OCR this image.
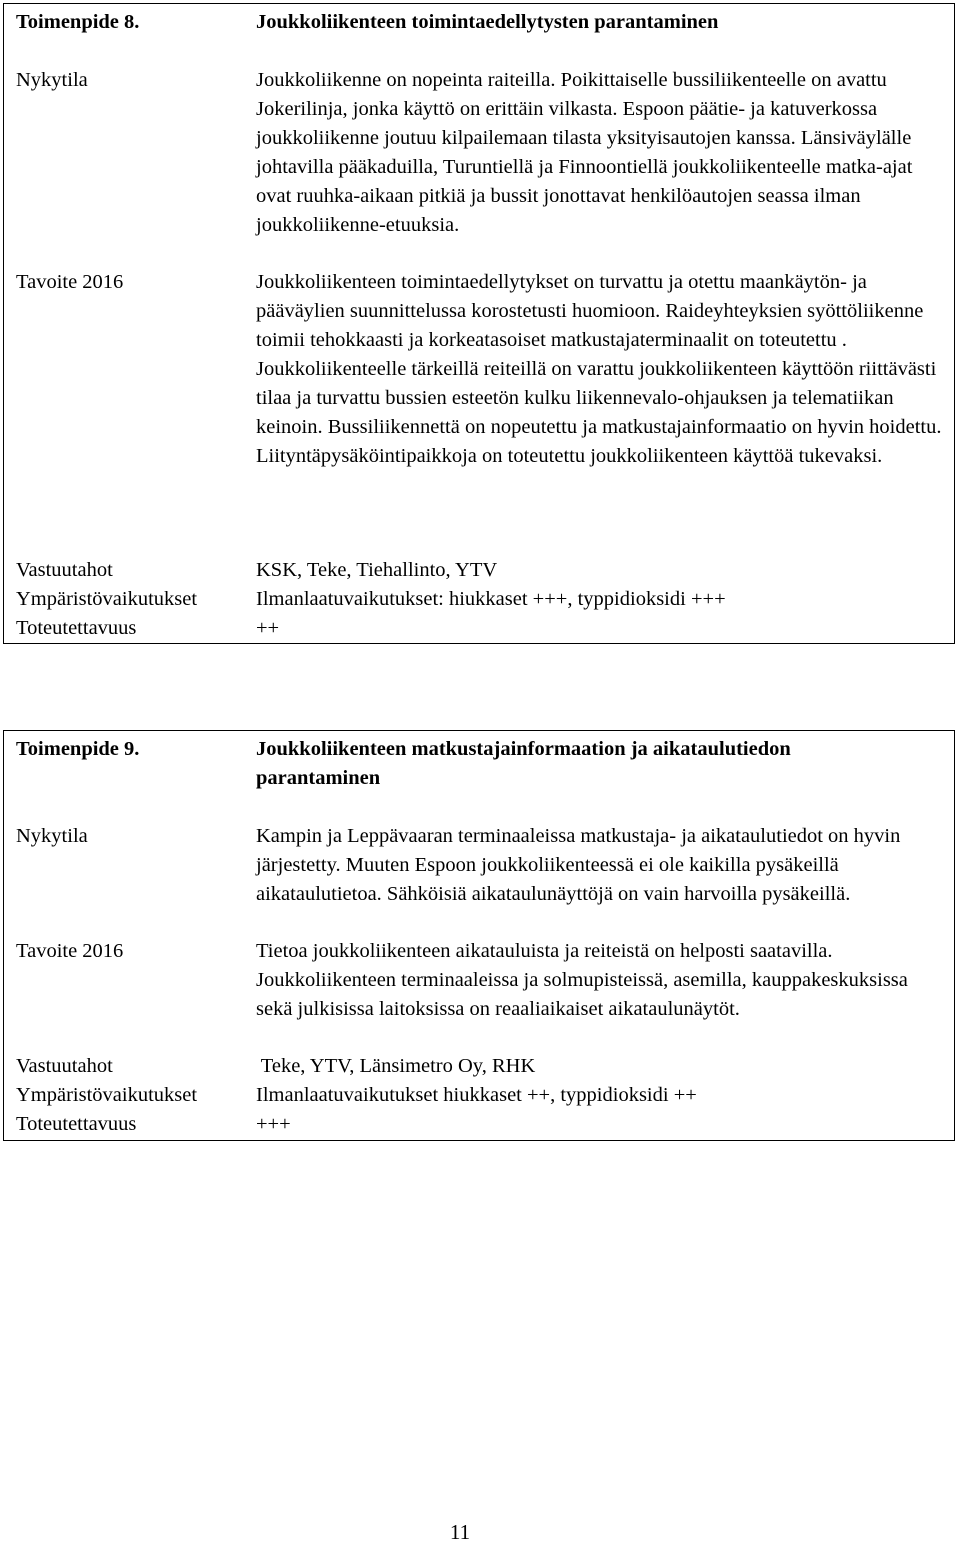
Toimenpide 8.	Joukkoliikenteen toimintaedellytysten parantaminen
Nykytila	Joukkoliikenne on nopeinta raiteilla. Poikittaiselle bussiliikenteelle on avattu Jokerilinja, jonka käyttö on erittäin vilkasta. Espoon päätie- ja katuverkossa joukkoliikenne joutuu kilpailemaan tilasta yksityisautojen kanssa. Länsiväylälle johtavilla pääkaduilla, Turuntiellä ja Finnoontiellä joukkoliikenteelle matka-ajat ovat ruuhka-aikaan pitkiä ja bussit jonottavat henkilöautojen seassa ilman joukkoliikenne-etuuksia.
Tavoite 2016	Joukkoliikenteen toimintaedellytykset on turvattu ja otettu maankäytön- ja pääväylien suunnittelussa korostetusti huomioon. Raideyhteyksien syöttöliikenne toimii tehokkaasti ja korkeatasoiset matkustajaterminaalit on toteutettu . Joukkoliikenteelle tärkeillä reiteillä on varattu joukkoliikenteen käyttöön riittävästi tilaa ja turvattu bussien esteetön kulku liikennevalo-ohjauksen ja telematiikan keinoin. Bussiliikennettä on nopeutettu ja matkustajainformaatio on hyvin hoidettu. Liityntäpysäköintipaikkoja on toteutettu joukkoliikenteen käyttöä tukevaksi.
Vastuutahot	KSK, Teke, Tiehallinto, YTV
Ympäristövaikutukset	Ilmanlaatuvaikutukset: hiukkaset +++, typpidioksidi +++
Toteutettavuus	++
Toimenpide 9.	Joukkoliikenteen matkustajainformaation ja aikataulutiedon parantaminen
Nykytila	Kampin ja Leppävaaran terminaaleissa matkustaja- ja aikataulutiedot on hyvin järjestetty. Muuten Espoon joukkoliikenteessä ei ole kaikilla pysäkeillä aikataulutietoa. Sähköisiä aikataulunäyttöjä on vain harvoilla pysäkeillä.
Tavoite 2016	Tietoa joukkoliikenteen aikatauluista ja reiteistä on helposti saatavilla. Joukkoliikenteen terminaaleissa ja solmupisteissä, asemilla, kauppakeskuksissa sekä julkisissa laitoksissa on reaaliaikaiset aikataulunäytöt.
Vastuutahot	Teke, YTV, Länsimetro Oy, RHK
Ympäristövaikutukset	Ilmanlaatuvaikutukset hiukkaset ++, typpidioksidi ++
Toteutettavuus	+++
11
